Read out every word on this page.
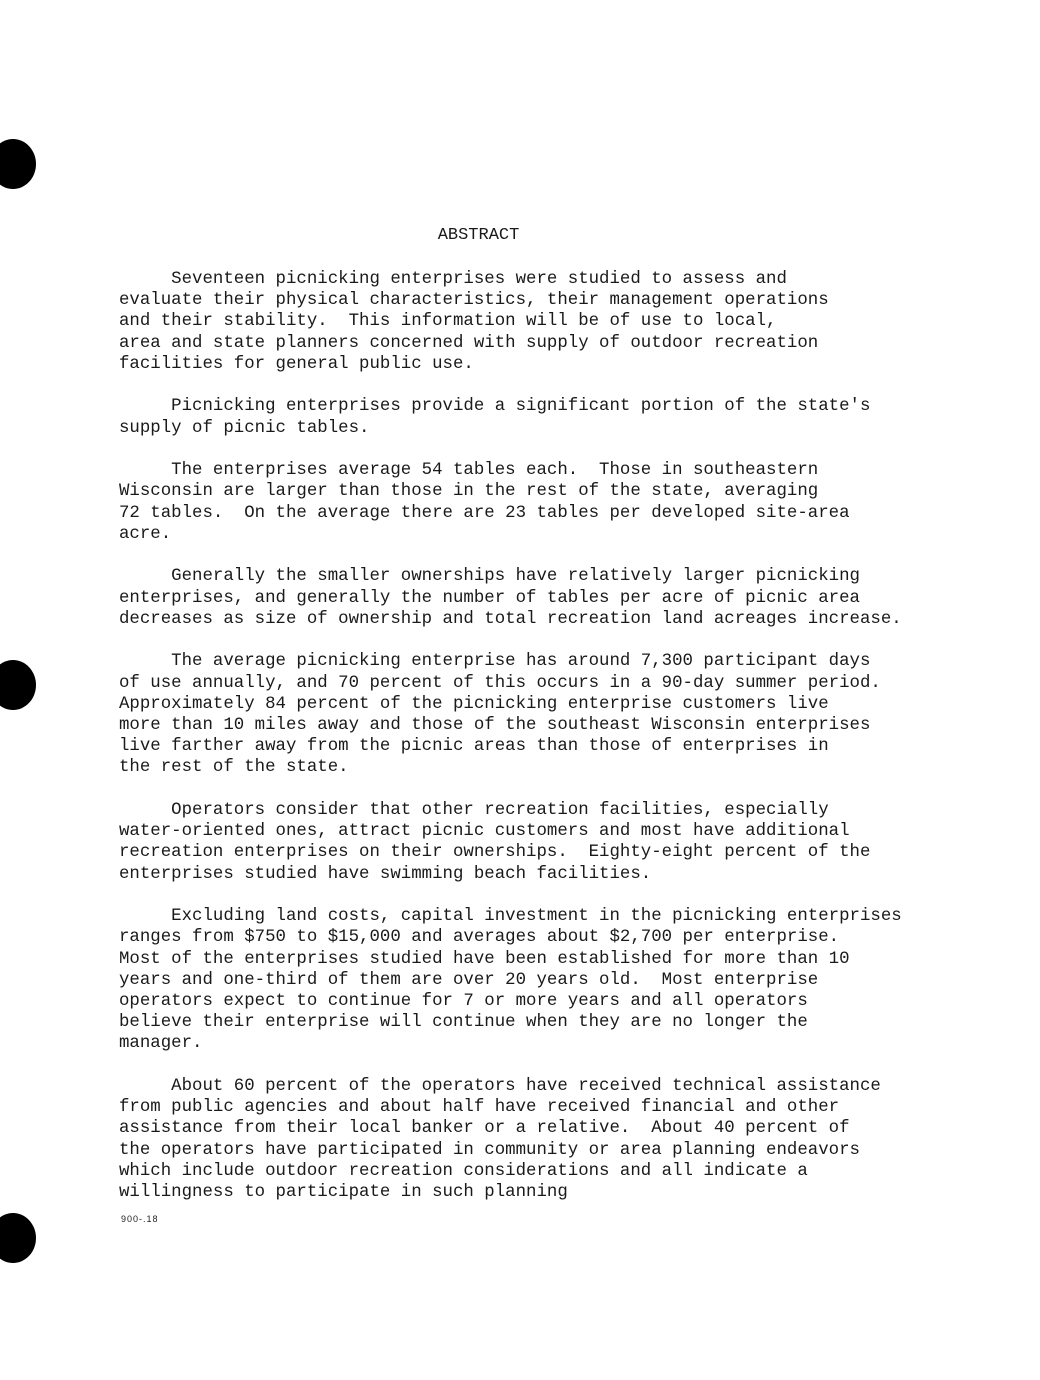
ABSTRACT
Seventeen picnicking enterprises were studied to assess and
evaluate their physical characteristics, their management operations
and their stability.  This information will be of use to local,
area and state planners concerned with supply of outdoor recreation
facilities for general public use.
Picnicking enterprises provide a significant portion of the state's
supply of picnic tables.
The enterprises average 54 tables each.  Those in southeastern
Wisconsin are larger than those in the rest of the state, averaging
72 tables.  On the average there are 23 tables per developed site-area
acre.
Generally the smaller ownerships have relatively larger picnicking
enterprises, and generally the number of tables per acre of picnic area
decreases as size of ownership and total recreation land acreages increase.
The average picnicking enterprise has around 7,300 participant days
of use annually, and 70 percent of this occurs in a 90-day summer period.
Approximately 84 percent of the picnicking enterprise customers live
more than 10 miles away and those of the southeast Wisconsin enterprises
live farther away from the picnic areas than those of enterprises in
the rest of the state.
Operators consider that other recreation facilities, especially
water-oriented ones, attract picnic customers and most have additional
recreation enterprises on their ownerships.  Eighty-eight percent of the
enterprises studied have swimming beach facilities.
Excluding land costs, capital investment in the picnicking enterprises
ranges from $750 to $15,000 and averages about $2,700 per enterprise.
Most of the enterprises studied have been established for more than 10
years and one-third of them are over 20 years old.  Most enterprise
operators expect to continue for 7 or more years and all operators
believe their enterprise will continue when they are no longer the
manager.
About 60 percent of the operators have received technical assistance
from public agencies and about half have received financial and other
assistance from their local banker or a relative.  About 40 percent of
the operators have participated in community or area planning endeavors
which include outdoor recreation considerations and all indicate a
willingness to participate in such planning
900-.18
